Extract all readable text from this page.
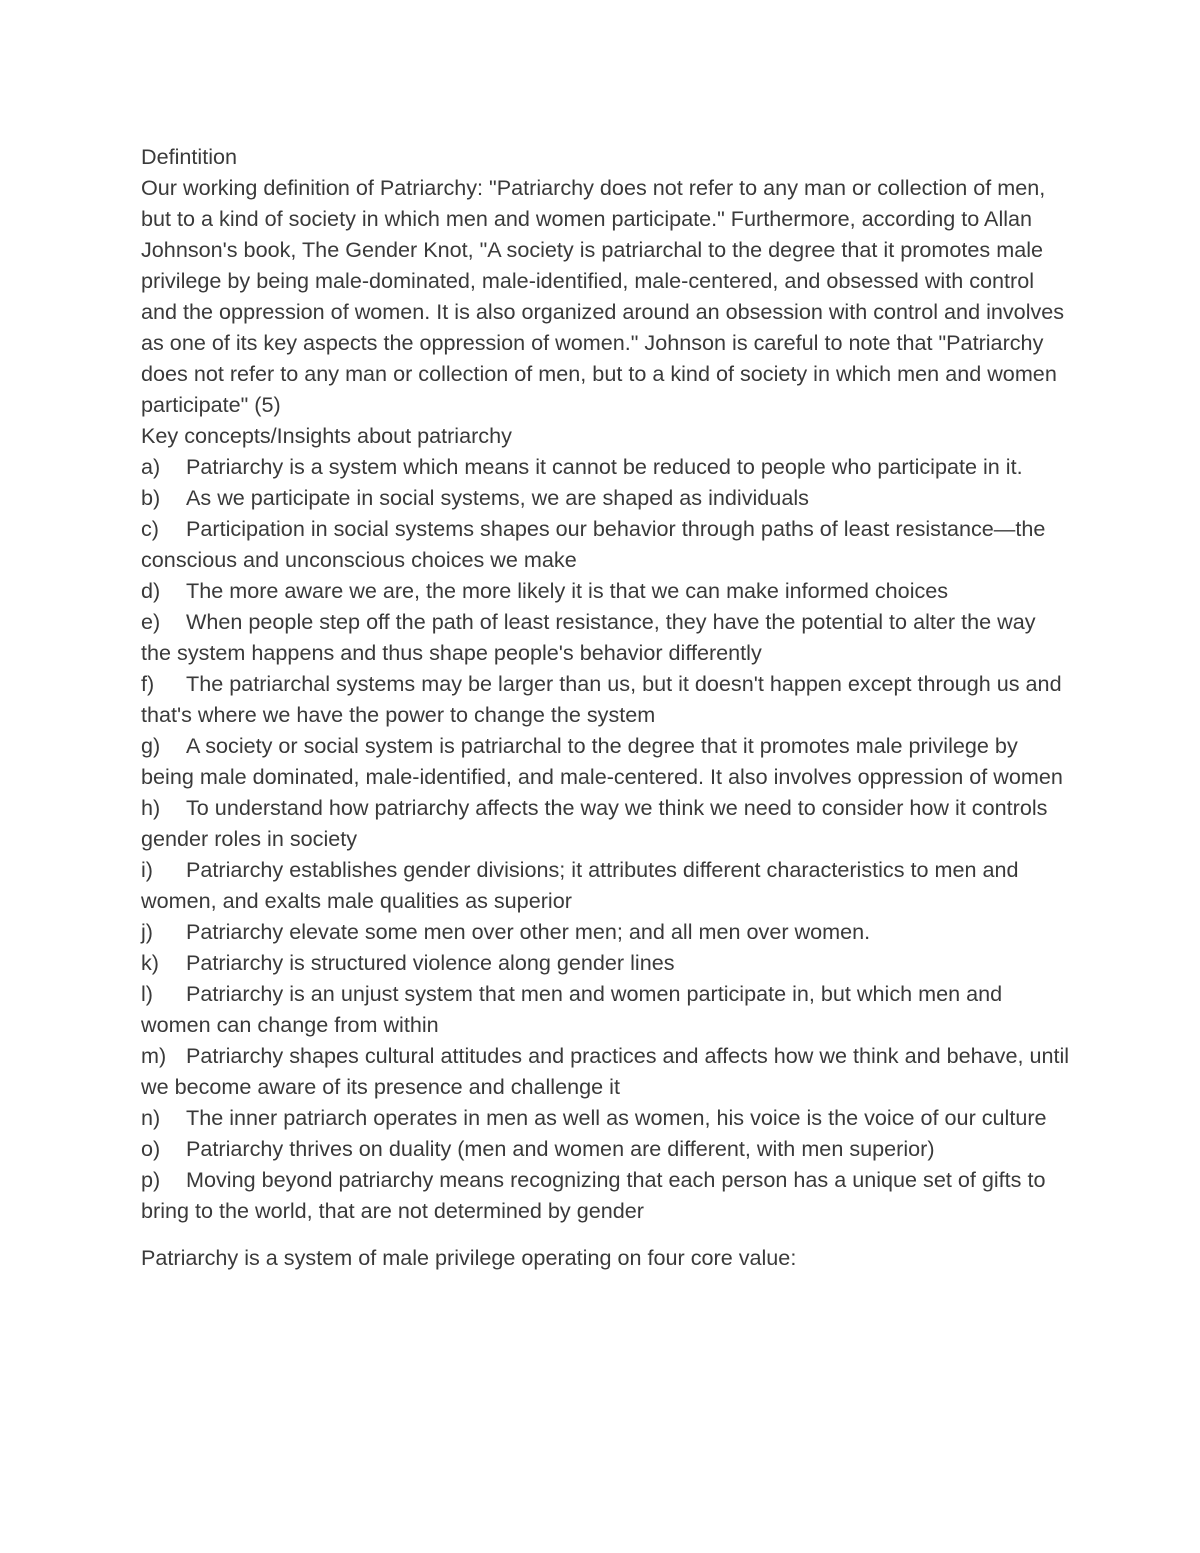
Defintition

Our working definition of Patriarchy: "Patriarchy does not refer to any man or collection of men, but to a kind of society in which men and women participate." Furthermore, according to Allan Johnson's book, The Gender Knot, "A society is patriarchal to the degree that it promotes male privilege by being male-dominated, male-identified, male-centered, and obsessed with control and the oppression of women. It is also organized around an obsession with control and involves as one of its key aspects the oppression of women." Johnson is careful to note that "Patriarchy does not refer to any man or collection of men, but to a kind of society in which men and women participate" (5)

Key concepts/Insights about patriarchy

a) Patriarchy is a system which means it cannot be reduced to people who participate in it.

b) As we participate in social systems, we are shaped as individuals

c) Participation in social systems shapes our behavior through paths of least resistance—the conscious and unconscious choices we make

d) The more aware we are, the more likely it is that we can make informed choices

e) When people step off the path of least resistance, they have the potential to alter the way the system happens and thus shape people's behavior differently

f) The patriarchal systems may be larger than us, but it doesn't happen except through us and that's where we have the power to change the system

g) A society or social system is patriarchal to the degree that it promotes male privilege by being male dominated, male-identified, and male-centered. It also involves oppression of women

h) To understand how patriarchy affects the way we think we need to consider how it controls gender roles in society

i) Patriarchy establishes gender divisions; it attributes different characteristics to men and women, and exalts male qualities as superior

j) Patriarchy elevate some men over other men; and all men over women.

k) Patriarchy is structured violence along gender lines

l) Patriarchy is an unjust system that men and women participate in, but which men and women can change from within

m) Patriarchy shapes cultural attitudes and practices and affects how we think and behave, until we become aware of its presence and challenge it

n) The inner patriarch operates in men as well as women, his voice is the voice of our culture

o) Patriarchy thrives on duality (men and women are different, with men superior)

p) Moving beyond patriarchy means recognizing that each person has a unique set of gifts to bring to the world, that are not determined by gender

Patriarchy is a system of male privilege operating on four core value:
